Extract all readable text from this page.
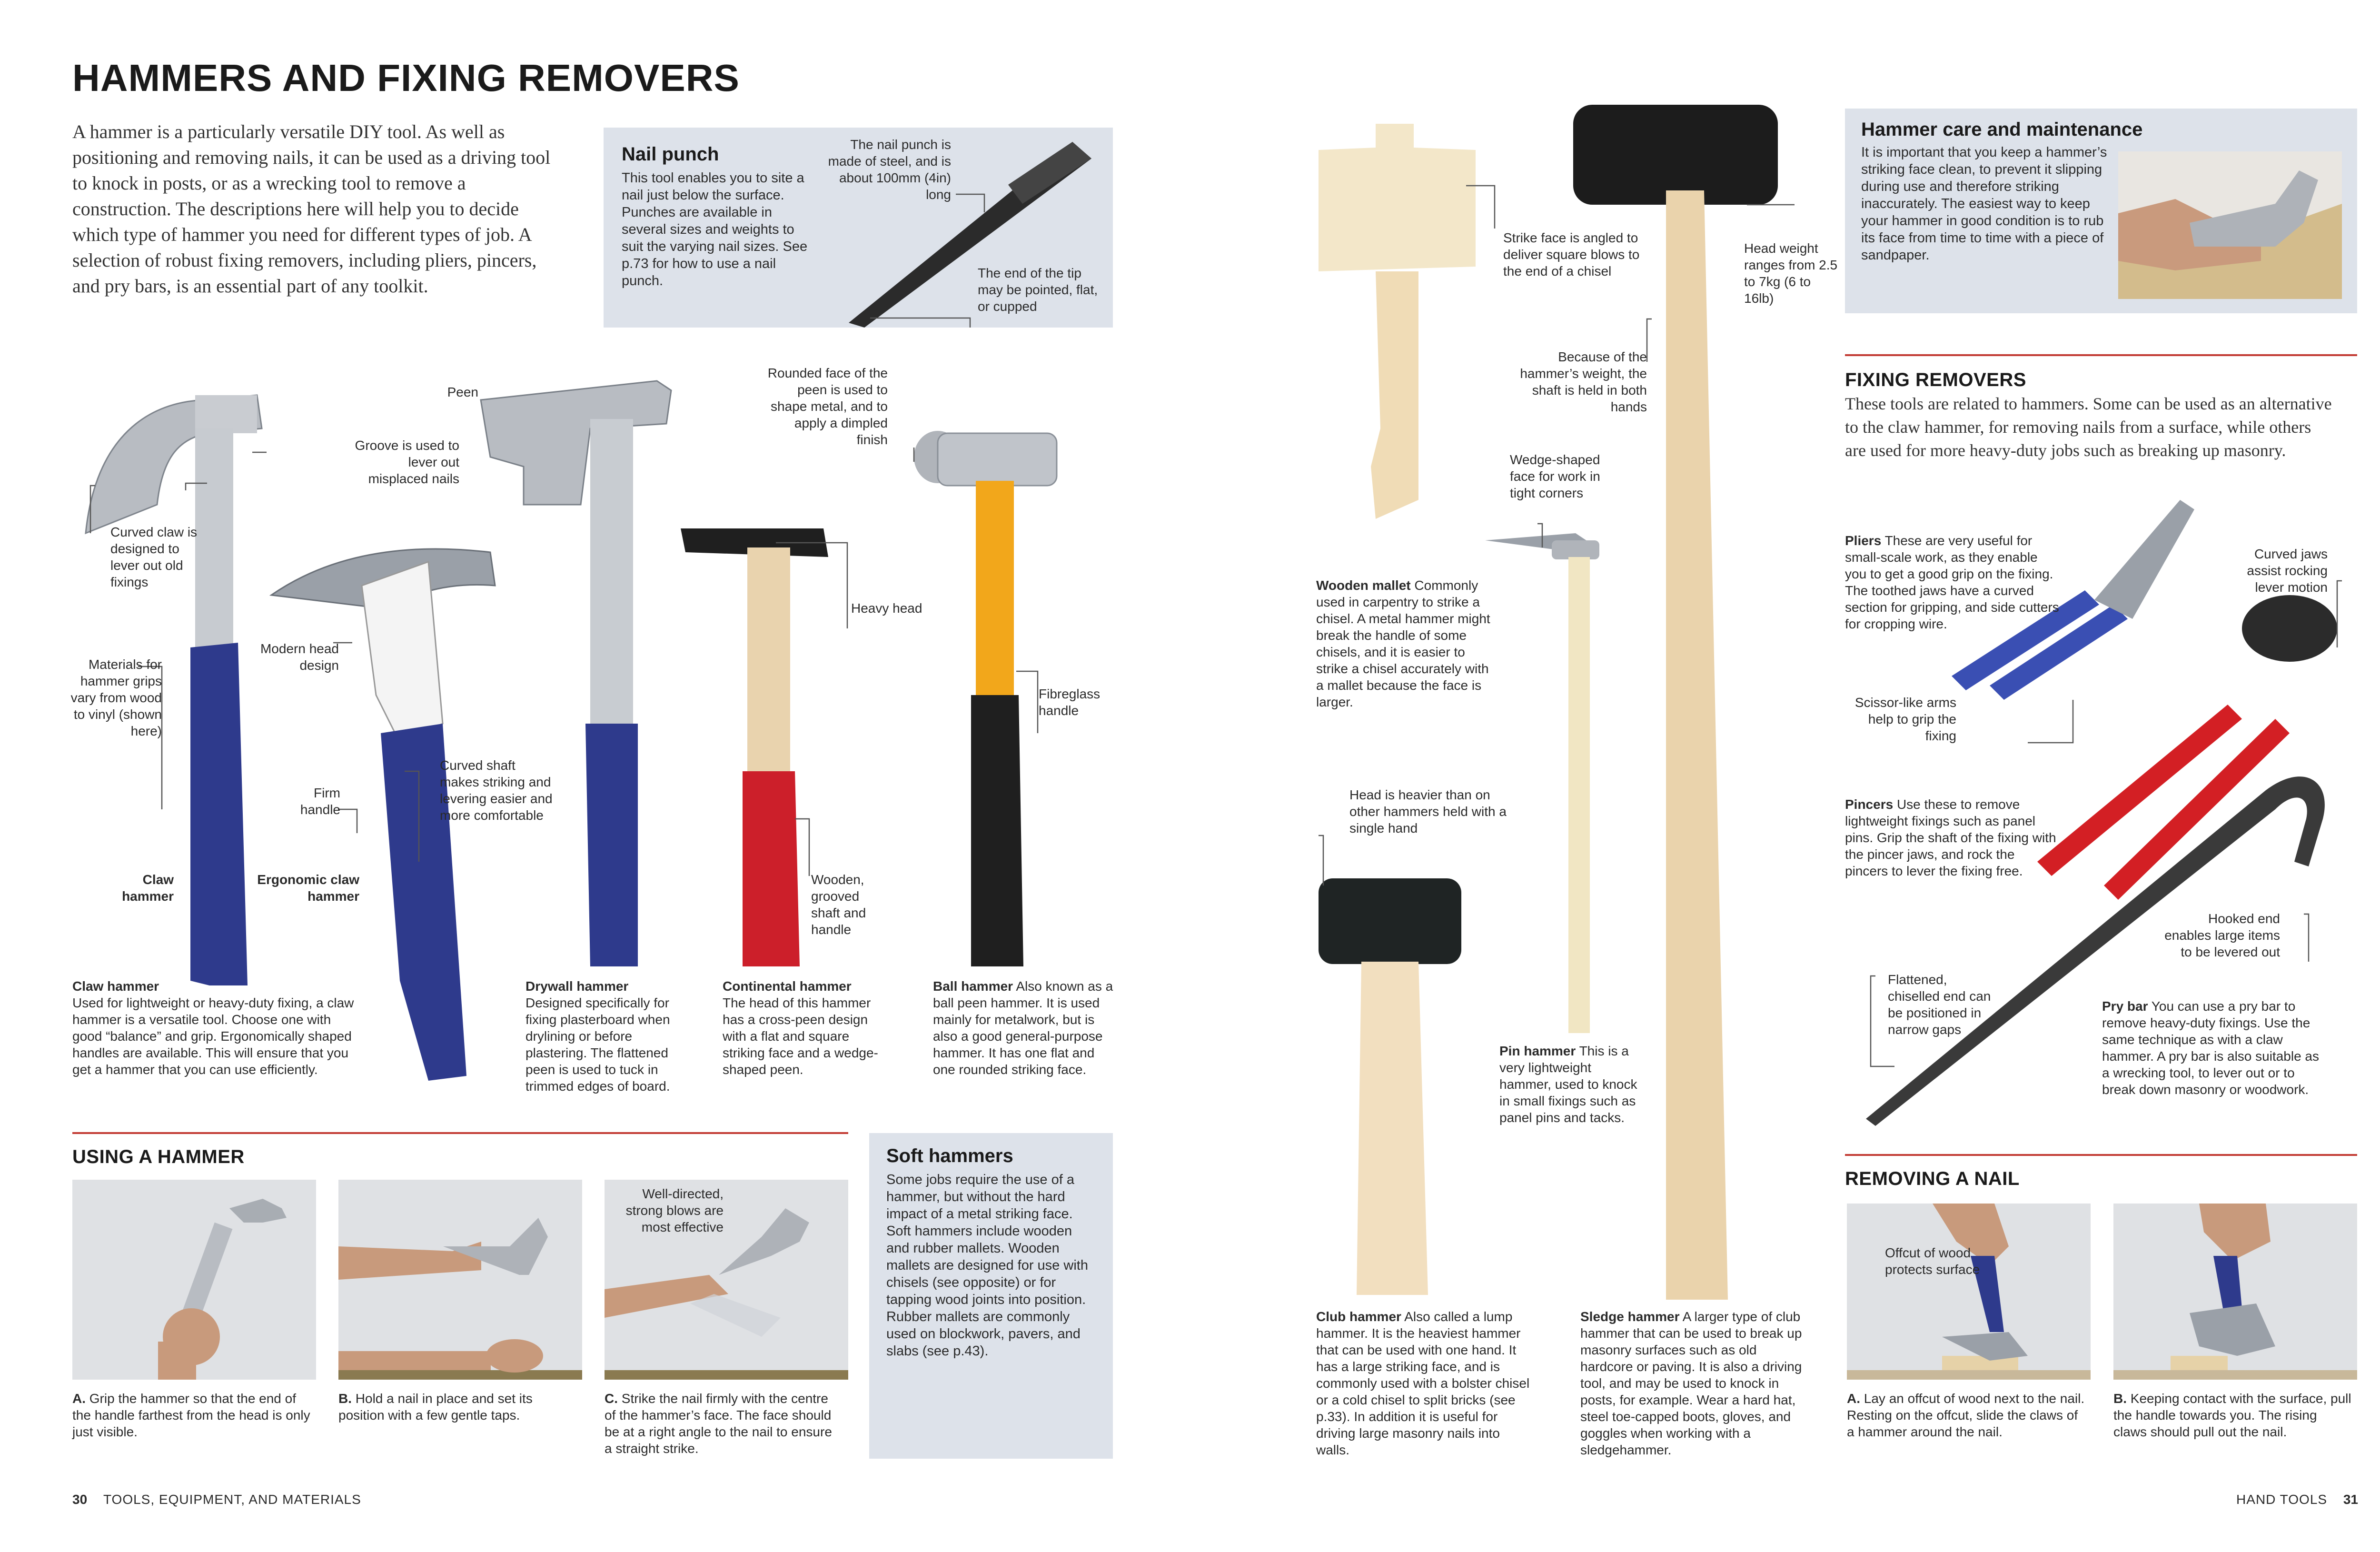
HAMMERS AND FIXING REMOVERS
A hammer is a particularly versatile DIY tool. As well as positioning and removing nails, it can be used as a driving tool to knock in posts, or as a wrecking tool to remove a construction. The descriptions here will help you to decide which type of hammer you need for different types of job. A selection of robust fixing removers, including pliers, pincers, and pry bars, is an essential part of any toolkit.
Nail punch
This tool enables you to site a nail just below the surface. Punches are available in several sizes and weights to suit the varying nail sizes. See p.73 for how to use a nail punch.
The nail punch is made of steel, and is about 100mm (4in) long
The end of the tip may be pointed, flat, or cupped
Peen
Groove is used to lever out misplaced nails
Rounded face of the peen is used to shape metal, and to apply a dimpled finish
Curved claw is designed to lever out old fixings
Modern head design
Heavy head
Fibreglass handle
Materials for hammer grips vary from wood to vinyl (shown here)
Curved shaft makes striking and levering easier and more comfortable
Firm handle
Wooden, grooved shaft and handle
Claw hammer
Ergonomic claw hammer
Claw hammer
Used for lightweight or heavy-duty fixing, a claw hammer is a versatile tool. Choose one with good “balance” and grip. Ergonomically shaped handles are available. This will ensure that you get a hammer that you can use efficiently.
Drywall hammer
Designed specifically for fixing plasterboard when drylining or before plastering. The flattened peen is used to tuck in trimmed edges of board.
Continental hammer
The head of this hammer has a cross-peen design with a flat and square striking face and a wedge-shaped peen.
Ball hammer Also known as a ball peen hammer. It is used mainly for metalwork, but is also a good general-purpose hammer. It has one flat and one rounded striking face.
USING A HAMMER
Well-directed, strong blows are most effective
A. Grip the hammer so that the end of the handle farthest from the head is only just visible.
B. Hold a nail in place and set its position with a few gentle taps.
C. Strike the nail firmly with the centre of the hammer’s face. The face should be at a right angle to the nail to ensure a straight strike.
Soft hammers
Some jobs require the use of a hammer, but without the hard impact of a metal striking face. Soft hammers include wooden and rubber mallets. Wooden mallets are designed for use with chisels (see opposite) or for tapping wood joints into position. Rubber mallets are commonly used on blockwork, pavers, and slabs (see p.43).
30 TOOLS, EQUIPMENT, AND MATERIALS
Strike face is angled to deliver square blows to the end of a chisel
Head weight ranges from 2.5 to 7kg (6 to 16lb)
Because of the hammer’s weight, the shaft is held in both hands
Wedge-shaped face for work in tight corners
Head is heavier than on other hammers held with a single hand
Wooden mallet Commonly used in carpentry to strike a chisel. A metal hammer might break the handle of some chisels, and it is easier to strike a chisel accurately with a mallet because the face is larger.
Pin hammer This is a very lightweight hammer, used to knock in small fixings such as panel pins and tacks.
Club hammer Also called a lump hammer. It is the heaviest hammer that can be used with one hand. It has a large striking face, and is commonly used with a bolster chisel or a cold chisel to split bricks (see p.33). In addition it is useful for driving large masonry nails into walls.
Sledge hammer A larger type of club hammer that can be used to break up masonry surfaces such as old hardcore or paving. It is also a driving tool, and may be used to knock in posts, for example. Wear a hard hat, steel toe-capped boots, gloves, and goggles when working with a sledgehammer.
Hammer care and maintenance
It is important that you keep a hammer’s striking face clean, to prevent it slipping during use and therefore striking inaccurately. The easiest way to keep your hammer in good condition is to rub its face from time to time with a piece of sandpaper.
FIXING REMOVERS
These tools are related to hammers. Some can be used as an alternative to the claw hammer, for removing nails from a surface, while others are used for more heavy-duty jobs such as breaking up masonry.
Curved jaws assist rocking lever motion
Scissor-like arms help to grip the fixing
Hooked end enables large items to be levered out
Flattened, chiselled end can be positioned in narrow gaps
Pliers These are very useful for small-scale work, as they enable you to get a good grip on the fixing. The toothed jaws have a curved section for gripping, and side cutters for cropping wire.
Pincers Use these to remove lightweight fixings such as panel pins. Grip the shaft of the fixing with the pincer jaws, and rock the pincers to lever the fixing free.
Pry bar You can use a pry bar to remove heavy-duty fixings. Use the same technique as with a claw hammer. A pry bar is also suitable as a wrecking tool, to lever out or to break down masonry or woodwork.
REMOVING A NAIL
Offcut of wood protects surface
A. Lay an offcut of wood next to the nail. Resting on the offcut, slide the claws of a hammer around the nail.
B. Keeping contact with the surface, pull the handle towards you. The rising claws should pull out the nail.
HAND TOOLS 31
